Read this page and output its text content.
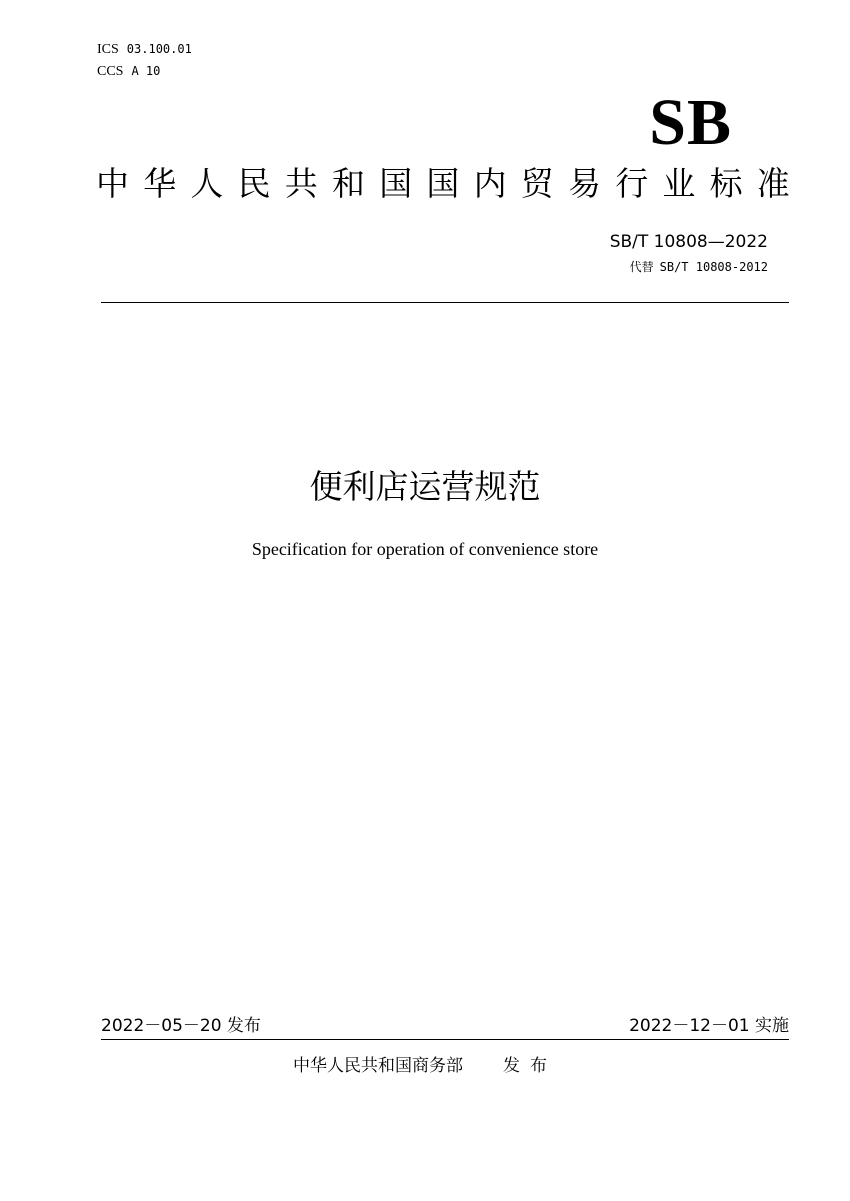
ICS 03.100.01
CCS A 10
SB
中华人民共和国国内贸易行业标准
SB/T 10808—2022
代替 SB/T 10808-2012
便利店运营规范
Specification for operation of convenience store
2022－05－20 发布	2022－12－01 实施
中华人民共和国商务部 发布
